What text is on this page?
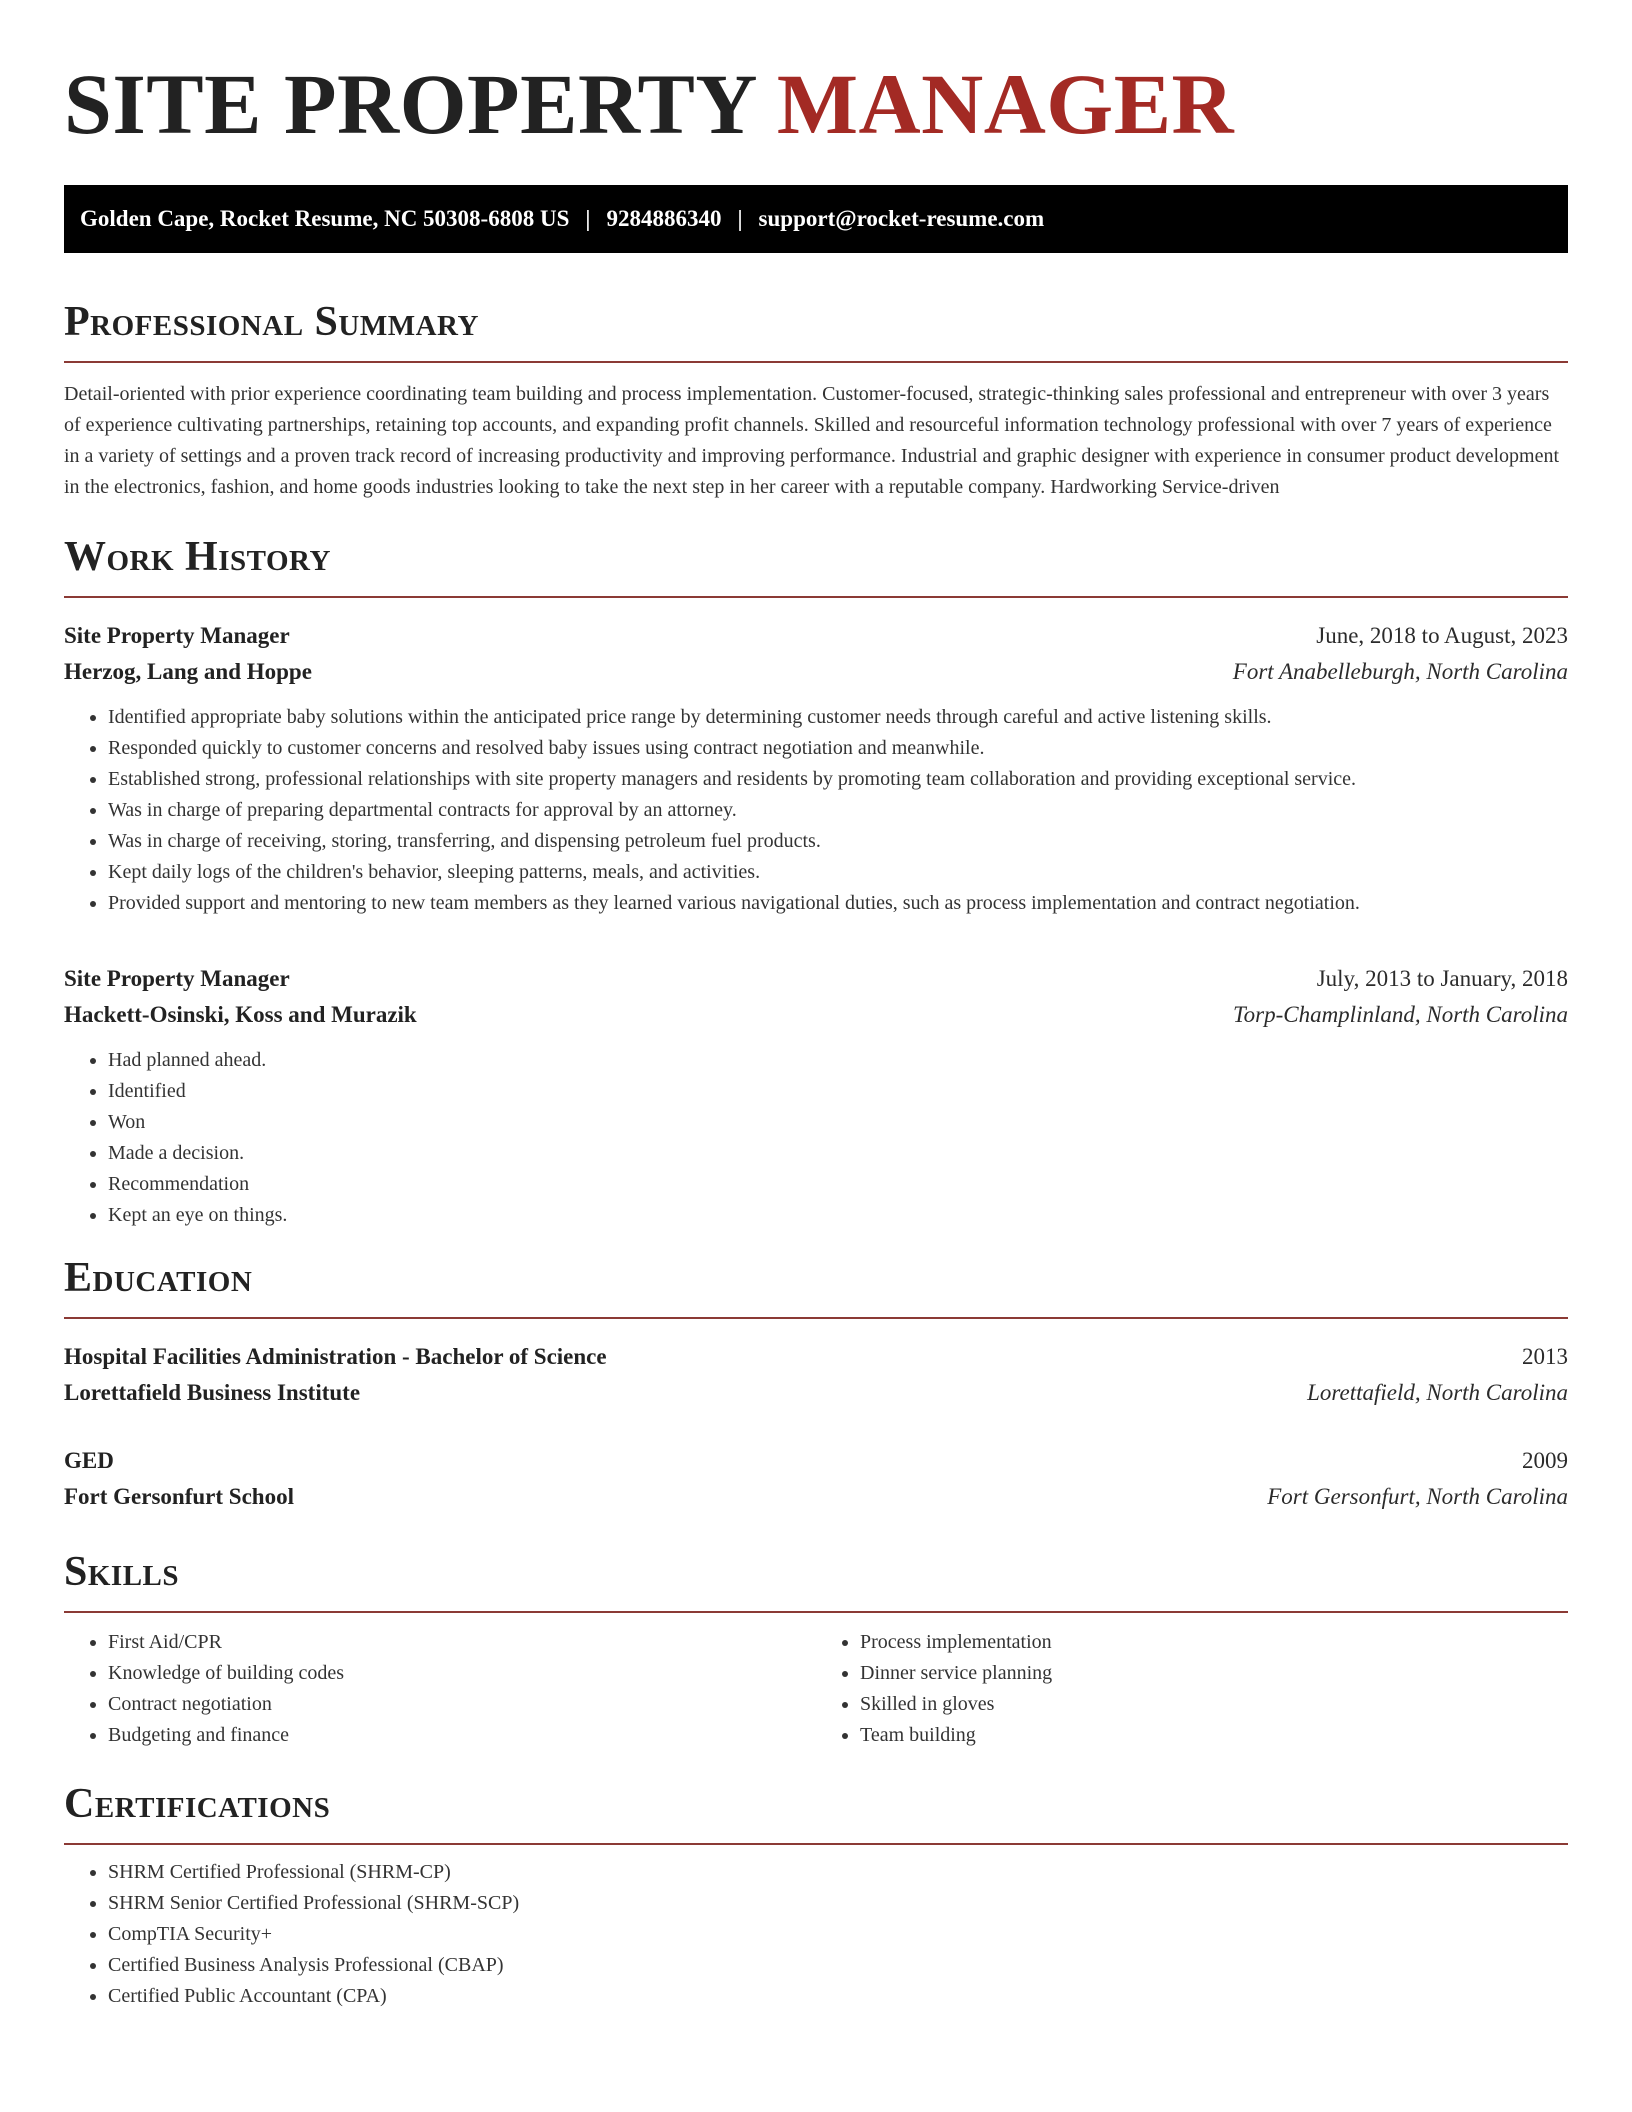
SITE PROPERTY MANAGER
Golden Cape, Rocket Resume, NC 50308-6808 US | 9284886340 | support@rocket-resume.com
Professional Summary

Detail-oriented with prior experience coordinating team building and process implementation. Customer-focused, strategic-thinking sales professional and entrepreneur with over 3 years of experience cultivating partnerships, retaining top accounts, and expanding profit channels. Skilled and resourceful information technology professional with over 7 years of experience in a variety of settings and a proven track record of increasing productivity and improving performance. Industrial and graphic designer with experience in consumer product development in the electronics, fashion, and home goods industries looking to take the next step in her career with a reputable company. Hardworking Service-driven

Work History
Site Property Manager	June, 2018 to August, 2023
Herzog, Lang and Hoppe	Fort Anabelleburgh, North Carolina
• Identified appropriate baby solutions within the anticipated price range by determining customer needs through careful and active listening skills.
• Responded quickly to customer concerns and resolved baby issues using contract negotiation and meanwhile.
• Established strong, professional relationships with site property managers and residents by promoting team collaboration and providing exceptional service.
• Was in charge of preparing departmental contracts for approval by an attorney.
• Was in charge of receiving, storing, transferring, and dispensing petroleum fuel products.
• Kept daily logs of the children's behavior, sleeping patterns, meals, and activities.
• Provided support and mentoring to new team members as they learned various navigational duties, such as process implementation and contract negotiation.
Site Property Manager	July, 2013 to January, 2018
Hackett-Osinski, Koss and Murazik	Torp-Champlinland, North Carolina
• Had planned ahead.
• Identified
• Won
• Made a decision.
• Recommendation
• Kept an eye on things.
Education
Hospital Facilities Administration - Bachelor of Science	2013
Lorettafield Business Institute	Lorettafield, North Carolina
GED	2009
Fort Gersonfurt School	Fort Gersonfurt, North Carolina
Skills
• First Aid/CPR
• Knowledge of building codes
• Contract negotiation
• Budgeting and finance
• Process implementation
• Dinner service planning
• Skilled in gloves
• Team building
Certifications
• SHRM Certified Professional (SHRM-CP)
• SHRM Senior Certified Professional (SHRM-SCP)
• CompTIA Security+
• Certified Business Analysis Professional (CBAP)
• Certified Public Accountant (CPA)
